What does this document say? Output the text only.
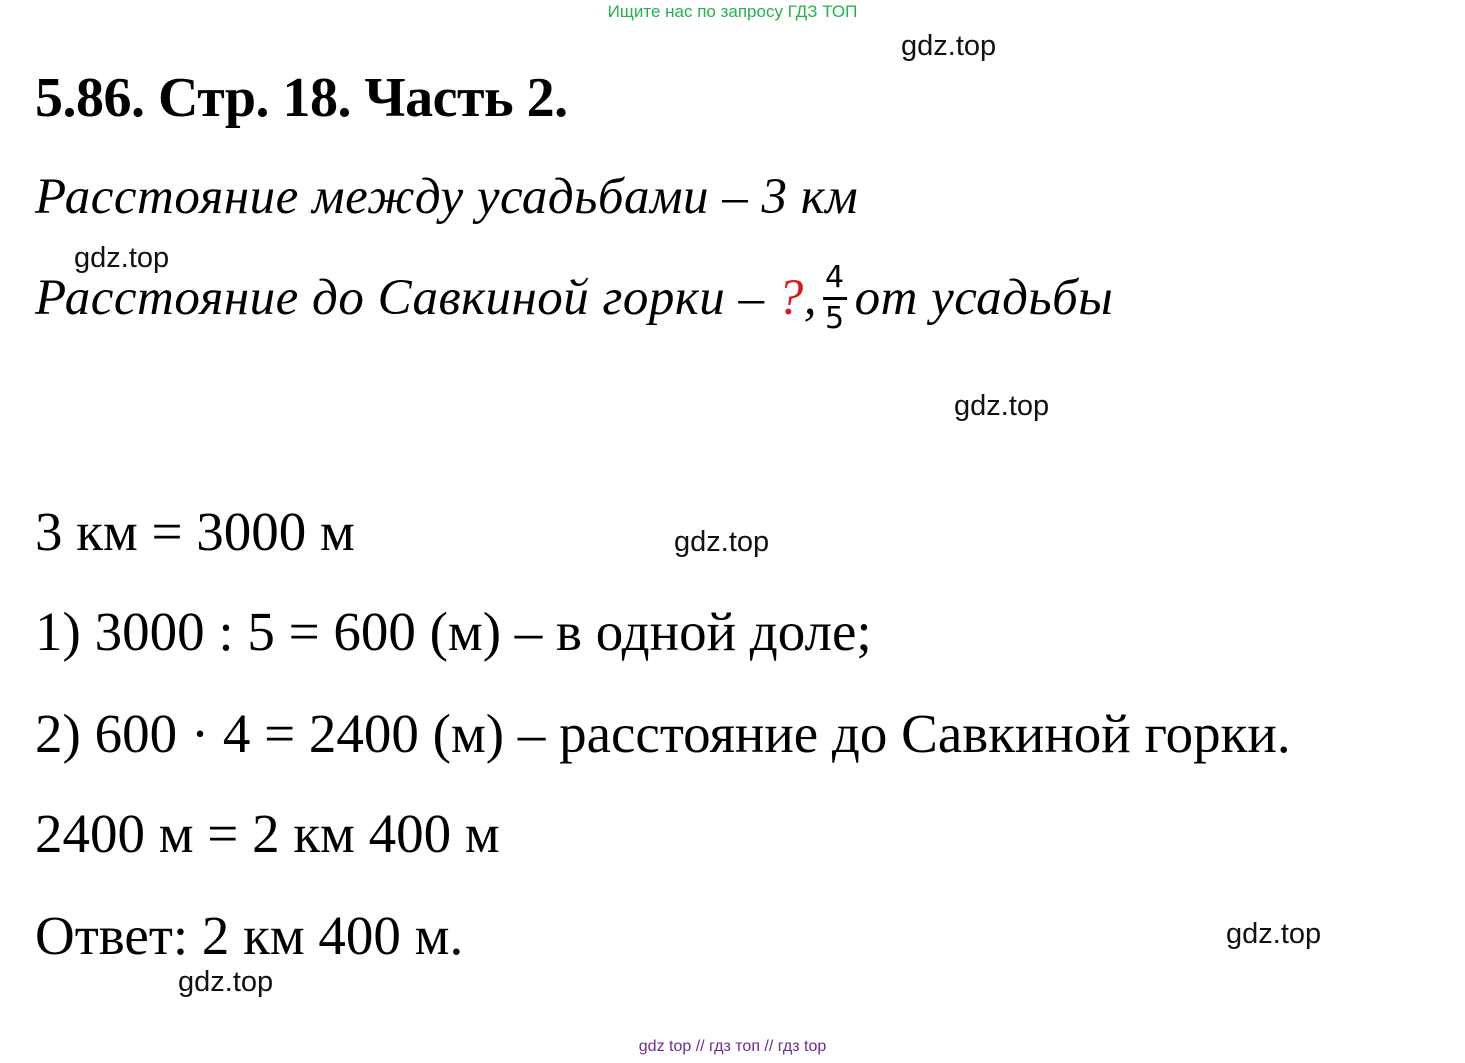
Ищите нас по запросу ГДЗ ТОП
gdz.top
5.86. Стр. 18. Часть 2.
Расстояние между усадьбами – 3 км
gdz.top
Расстояние до Савкиной горки – ?, $\frac{4}{5}$ от усадьбы
gdz.top
3 км = 3000 м	gdz.top
1) 3000 : 5 = 600 (м) – в одной доле;
2) 600 · 4 = 2400 (м) – расстояние до Савкиной горки.
2400 м = 2 км 400 м
Ответ: 2 км 400 м.	gdz.top
gdz.top
gdz top // гдз топ // гдз top
